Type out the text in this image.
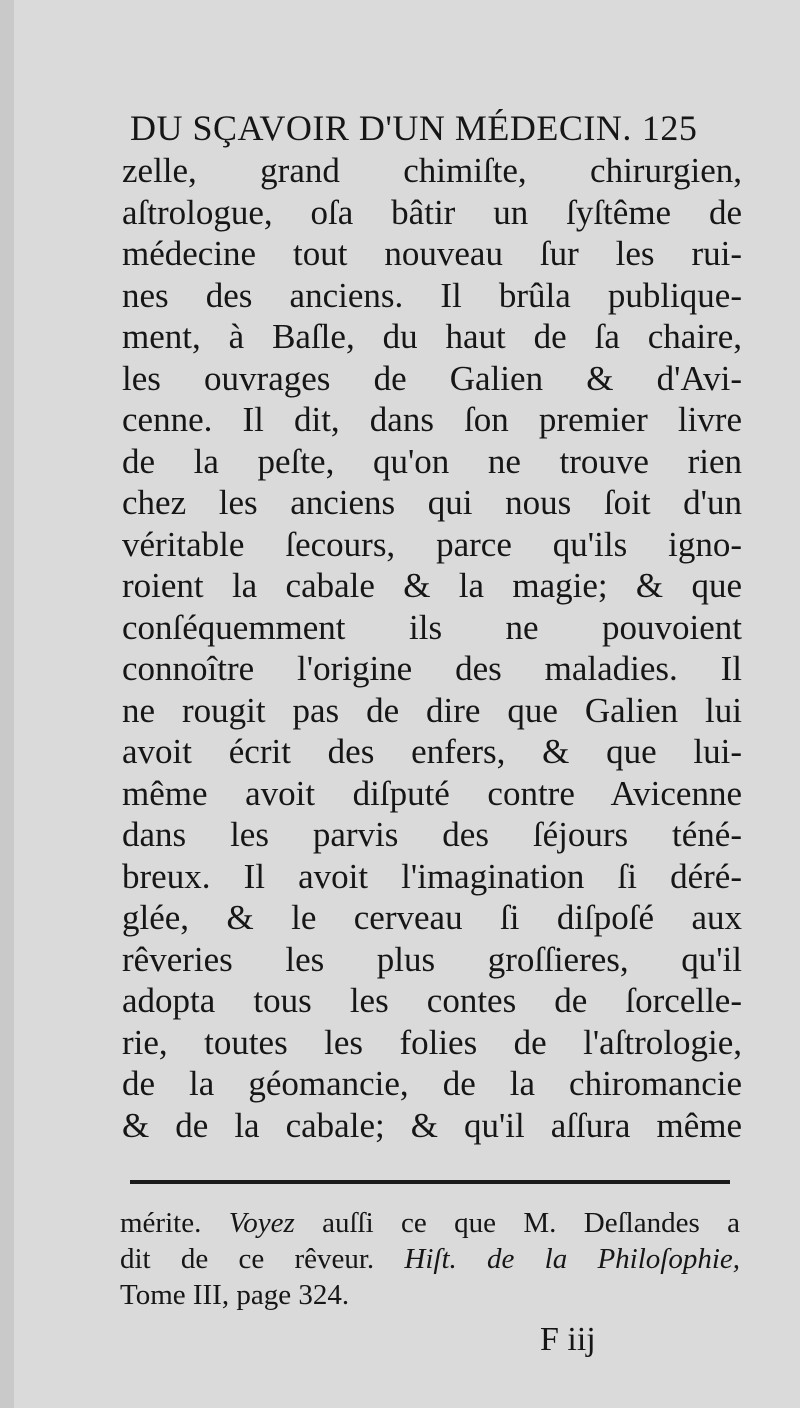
DU SÇAVOIR D'UN MÉDECIN. 125
zelle, grand chimiſte, chirurgien,
aſtrologue, oſa bâtir un ſyſtême de
médecine tout nouveau ſur les rui-
nes des anciens. Il brûla publique-
ment, à Baſle, du haut de ſa chaire,
les ouvrages de Galien & d'Avi-
cenne. Il dit, dans ſon premier livre
de la peſte, qu'on ne trouve rien
chez les anciens qui nous ſoit d'un
véritable ſecours, parce qu'ils igno-
roient la cabale & la magie; & que
conſéquemment ils ne pouvoient
connoître l'origine des maladies. Il
ne rougit pas de dire que Galien lui
avoit écrit des enfers, & que lui-
même avoit diſputé contre Avicenne
dans les parvis des ſéjours téné-
breux. Il avoit l'imagination ſi déré-
glée, & le cerveau ſi diſpoſé aux
rêveries les plus groſſieres, qu'il
adopta tous les contes de ſorcelle-
rie, toutes les folies de l'aſtrologie,
de la géomancie, de la chiromancie
& de la cabale; & qu'il aſſura même
mérite. Voyez auſſi ce que M. Deſlandes a
dit de ce rêveur. Hiſt. de la Philoſophie,
Tome III, page 324.
F iij
